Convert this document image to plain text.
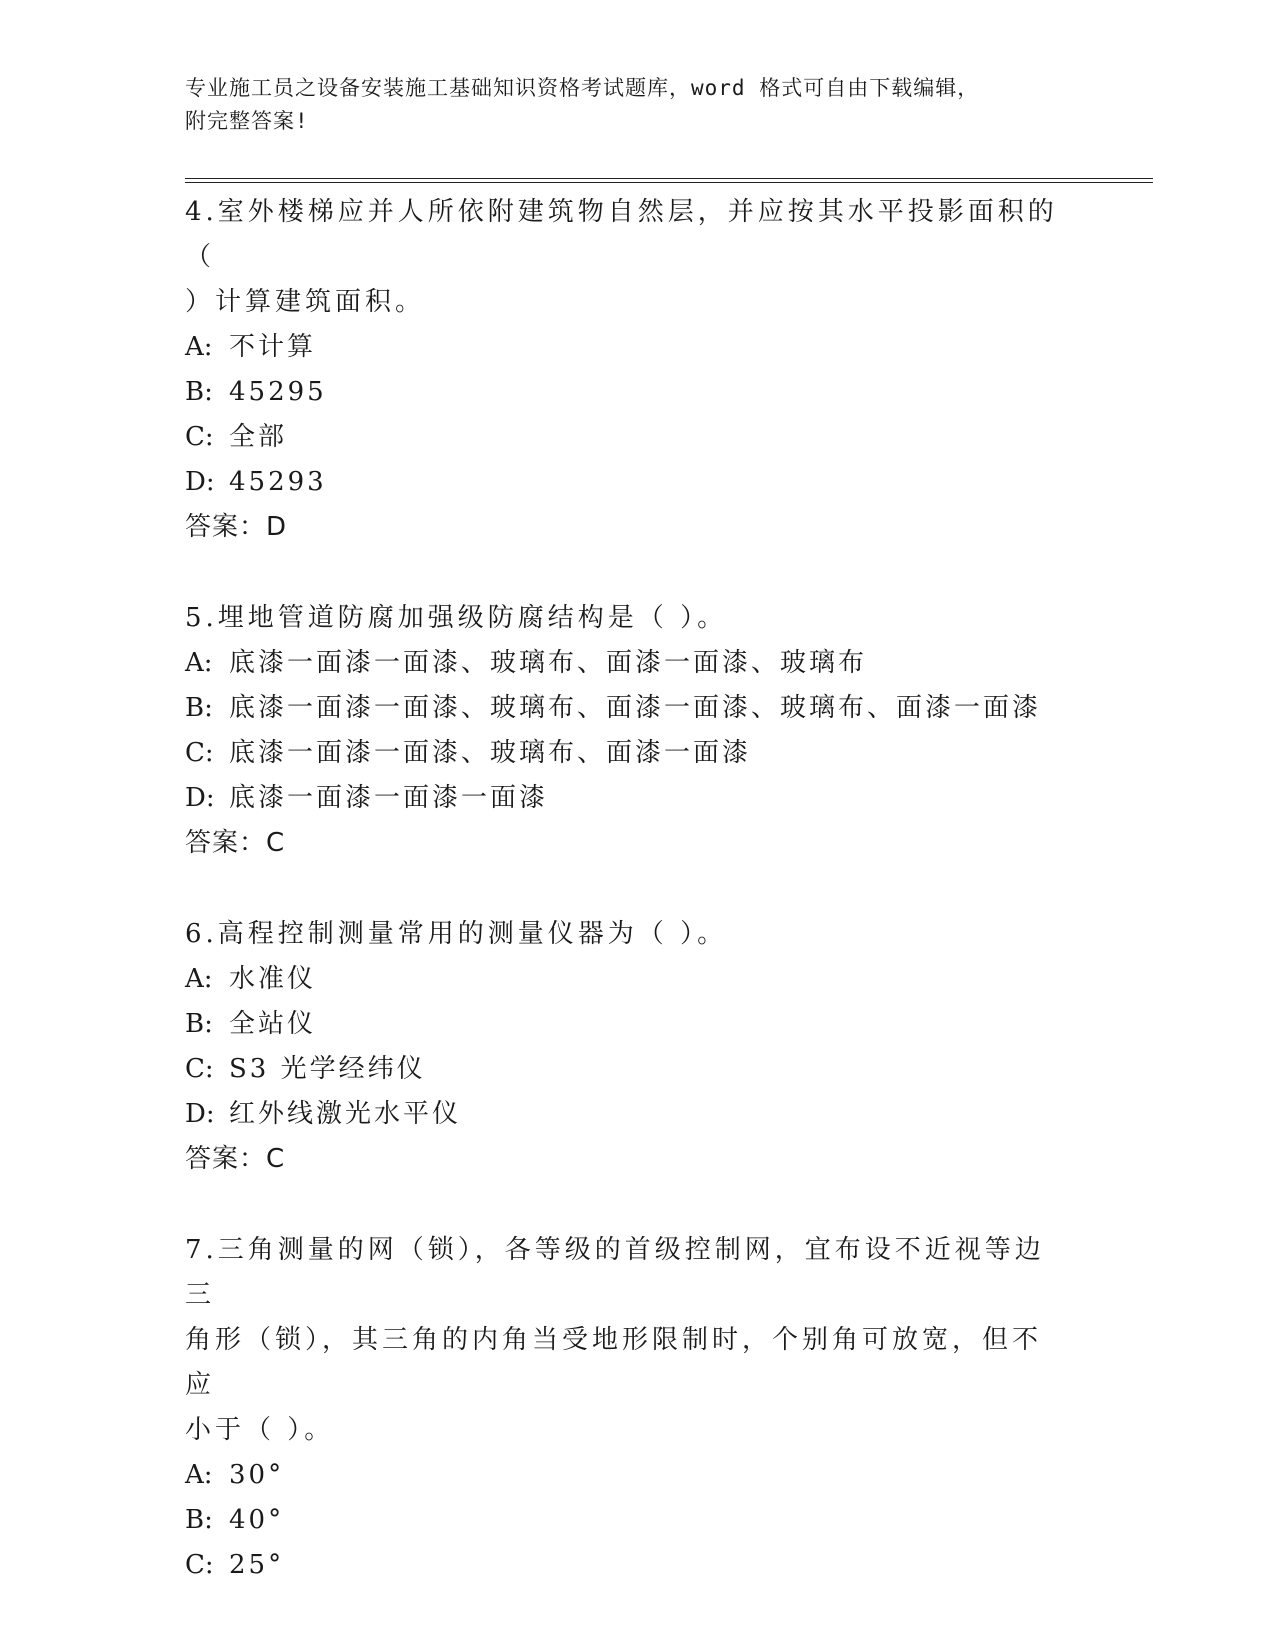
专业施工员之设备安装施工基础知识资格考试题库，word 格式可自由下载编辑，
附完整答案!

4.室外楼梯应并人所依附建筑物自然层，并应按其水平投影面积的（
）计算建筑面积。

A: 不计算

B: 45295

C: 全部

D: 45293

答案：D

5.埋地管道防腐加强级防腐结构是（ ）。

A: 底漆一面漆一面漆、玻璃布、面漆一面漆、玻璃布

B: 底漆一面漆一面漆、玻璃布、面漆一面漆、玻璃布、面漆一面漆

C: 底漆一面漆一面漆、玻璃布、面漆一面漆

D: 底漆一面漆一面漆一面漆

答案：C

6.高程控制测量常用的测量仪器为（ ）。

A: 水准仪

B: 全站仪

C: S3 光学经纬仪

D: 红外线激光水平仪

答案：C

7.三角测量的网（锁），各等级的首级控制网，宜布设不近视等边三
角形（锁），其三角的内角当受地形限制时，个别角可放宽，但不应
小于（ ）。

A: 30°

B: 40°

C: 25°
